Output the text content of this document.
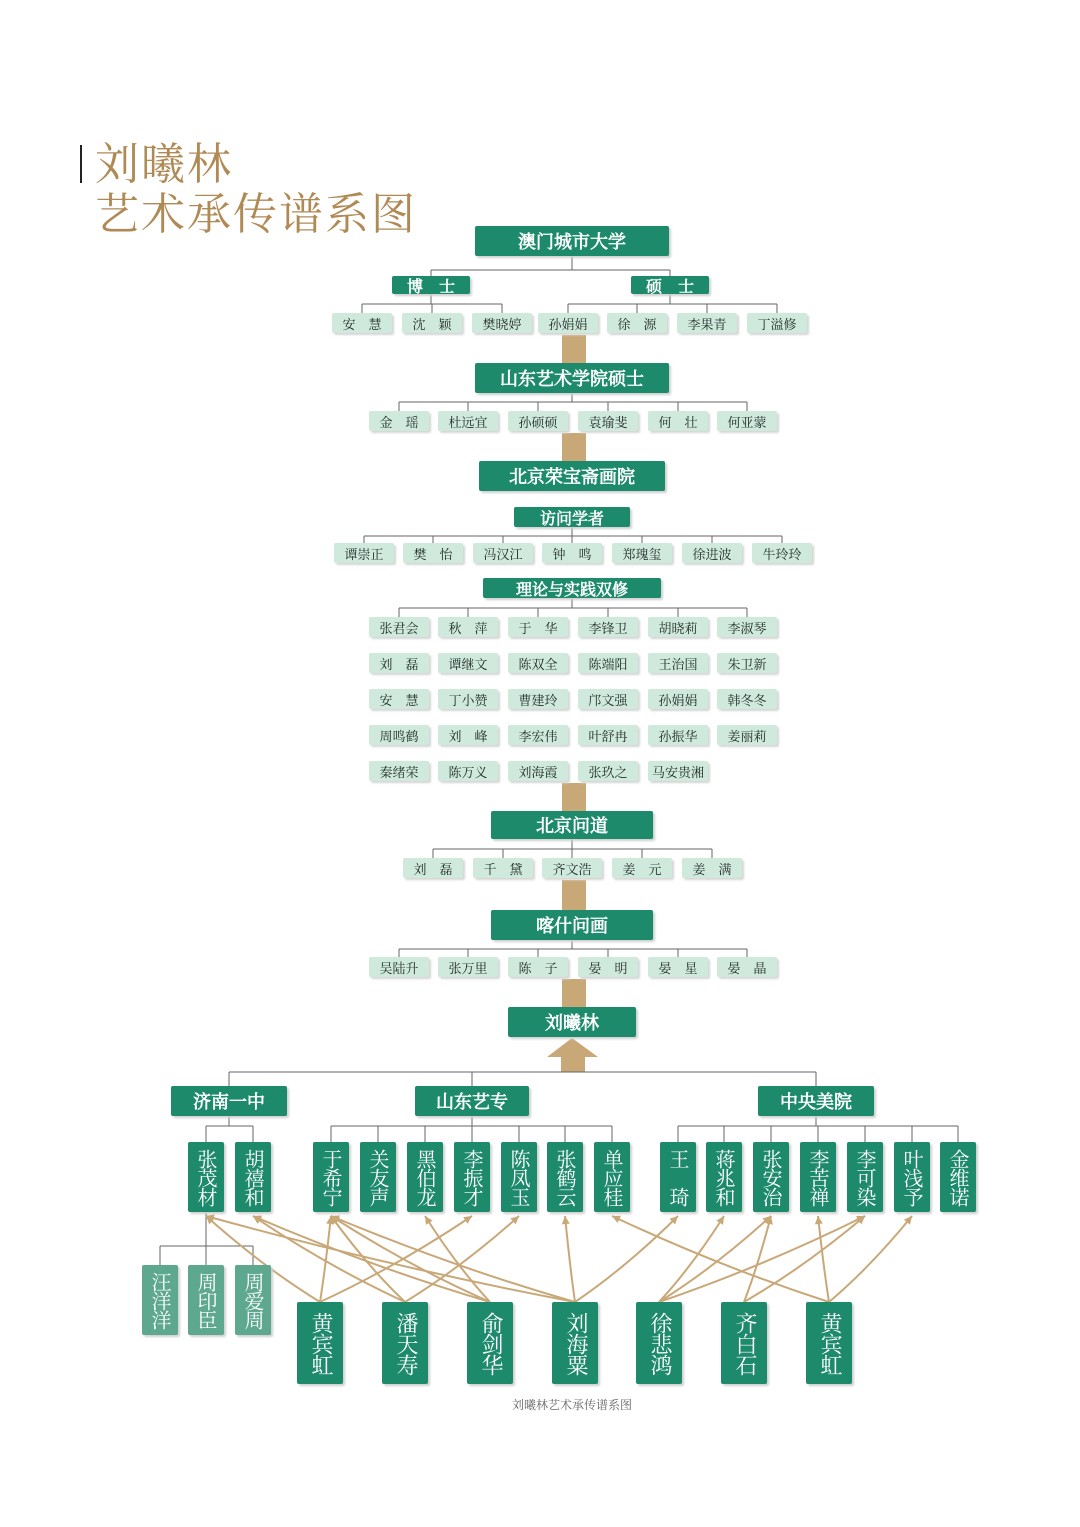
刘曦林
艺术承传谱系图
澳门城市大学
博　士	硕　士
安　慧	沈　颖	樊晓婷	孙娟娟	徐　源	李果青	丁溢修
山东艺术学院硕士
金　瑶	杜远宜	孙硕硕	袁瑜斐	何　壮	何亚蒙
北京荣宝斋画院
访问学者
谭崇正	樊　怡	冯汉江	钟　鸣	郑瑰玺	徐进波	牛玲玲
理论与实践双修
张君会	秋　萍	于　华	李锋卫	胡晓莉	李淑琴
刘　磊	谭继文	陈双全	陈端阳	王治国	朱卫新
安　慧	丁小赞	曹建玲	邝文强	孙娟娟	韩冬冬
周鸣鹤	刘　峰	李宏伟	叶舒冉	孙振华	姜丽莉
秦绪荣	陈万义	刘海霞	张玖之	马安贵湘
北京问道
刘　磊	千　黛	齐文浩	姜　元	姜　满
喀什问画
吴陆升	张万里	陈　子	晏　明	晏　星	晏　晶
刘曦林
济南一中	山东艺专	中央美院
张茂材	胡禧和	于希宁	关友声	黑伯龙	李振才	陈凤玉	张鹤云	单应桂	王　琦	蒋兆和	张安治	李苦禅	李可染	叶浅予	金维诺
汪洋洋	周印臣	周爱周
黄宾虹	潘天寿	俞剑华	刘海粟	徐悲鸿	齐白石	黄宾虹
刘曦林艺术承传谱系图
